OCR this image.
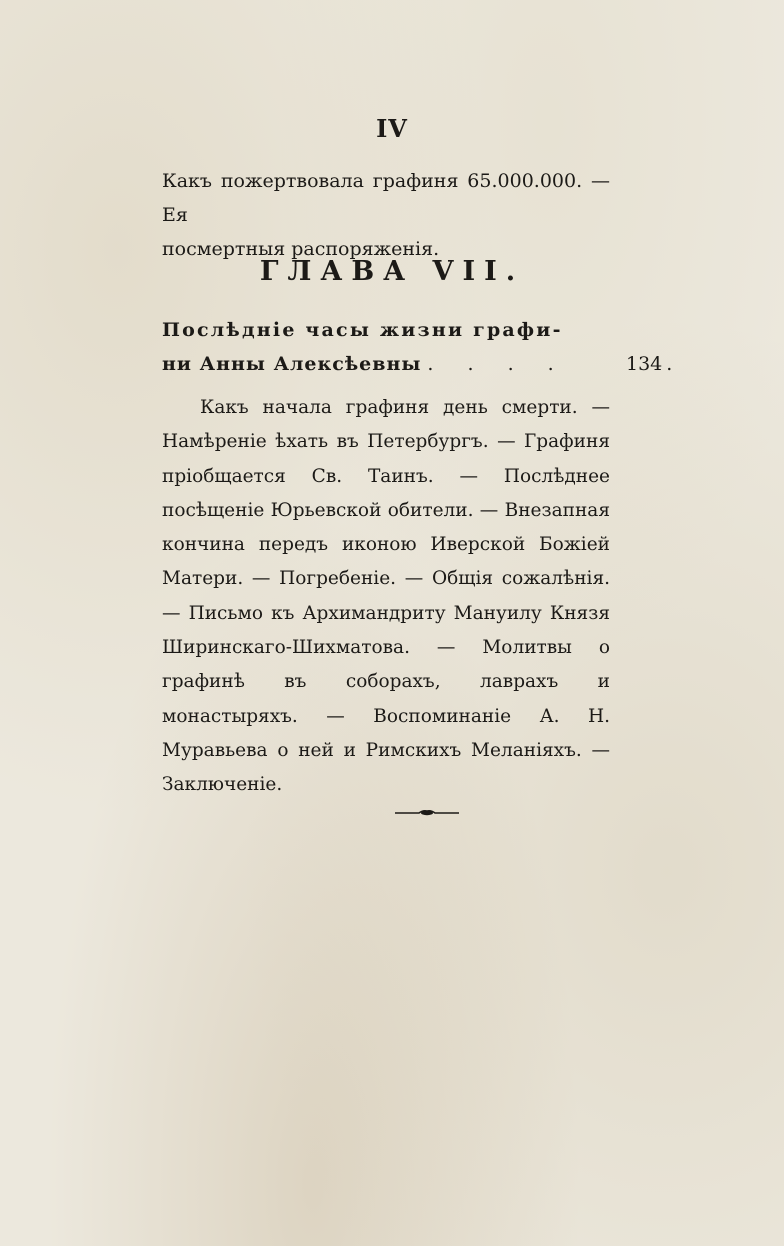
IV
Какъ пожертвовала графиня 65.000.000. — Ея
посмертныя распоряженія.
ГЛАВА VII.
Послѣдніе часы жизни графи-
ни Анны Алексѣевны . . . .	134 .
Какъ начала графиня день смерти. — Намѣреніе ѣхать въ Петербургъ. — Графиня пріобщается Св. Таинъ. — Послѣднее посѣщеніе Юрьевской обители. — Внезапная кончина передъ иконою Иверской Божіей Матери. — Погребеніе. — Общія сожалѣнія. — Письмо къ Архимандриту Мануилу Князя Ширинскаго-Шихматова. — Молитвы о графинѣ въ соборахъ, лаврахъ и монастыряхъ. — Воспоминаніе А. Н. Муравьева о ней и Римскихъ Меланіяхъ. — Заключеніе.
